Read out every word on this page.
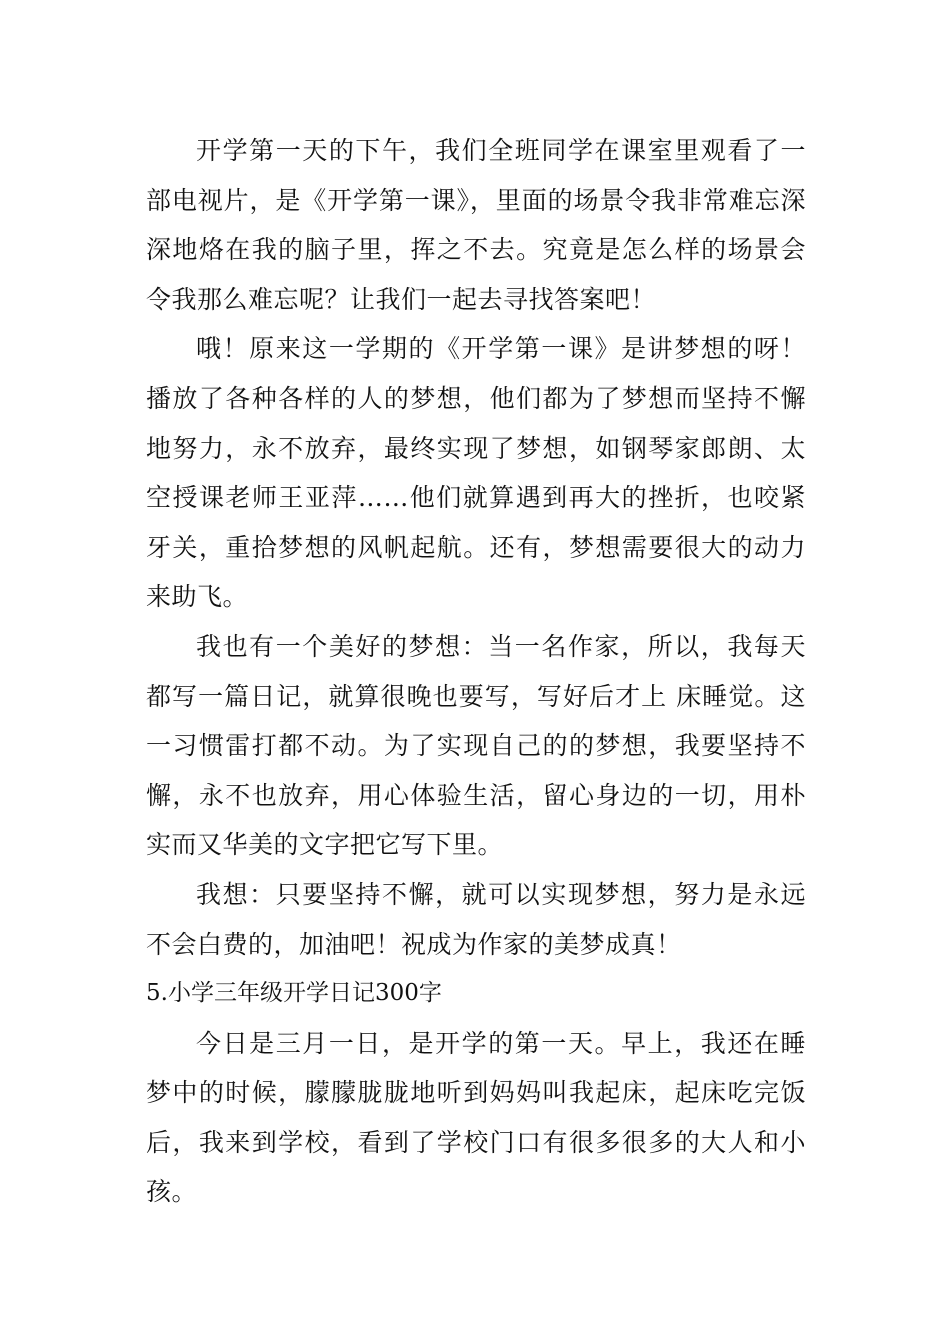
开学第一天的下午，我们全班同学在课室里观看了一部电视片，是《开学第一课》，里面的场景令我非常难忘深深地烙在我的脑子里，挥之不去。究竟是怎么样的场景会令我那么难忘呢？让我们一起去寻找答案吧！

哦！原来这一学期的《开学第一课》是讲梦想的呀！播放了各种各样的人的梦想，他们都为了梦想而坚持不懈地努力，永不放弃，最终实现了梦想，如钢琴家郎朗、太空授课老师王亚萍……他们就算遇到再大的挫折，也咬紧牙关，重拾梦想的风帆起航。还有，梦想需要很大的动力来助飞。

我也有一个美好的梦想：当一名作家，所以，我每天都写一篇日记，就算很晚也要写，写好后才上 床睡觉。这一习惯雷打都不动。为了实现自己的的梦想，我要坚持不懈，永不也放弃，用心体验生活，留心身边的一切，用朴实而又华美的文字把它写下里。

我想：只要坚持不懈，就可以实现梦想，努力是永远不会白费的，加油吧！祝成为作家的美梦成真！

5.小学三年级开学日记300字

今日是三月一日，是开学的第一天。早上，我还在睡梦中的时候，朦朦胧胧地听到妈妈叫我起床，起床吃完饭后，我来到学校，看到了学校门口有很多很多的大人和小孩。
